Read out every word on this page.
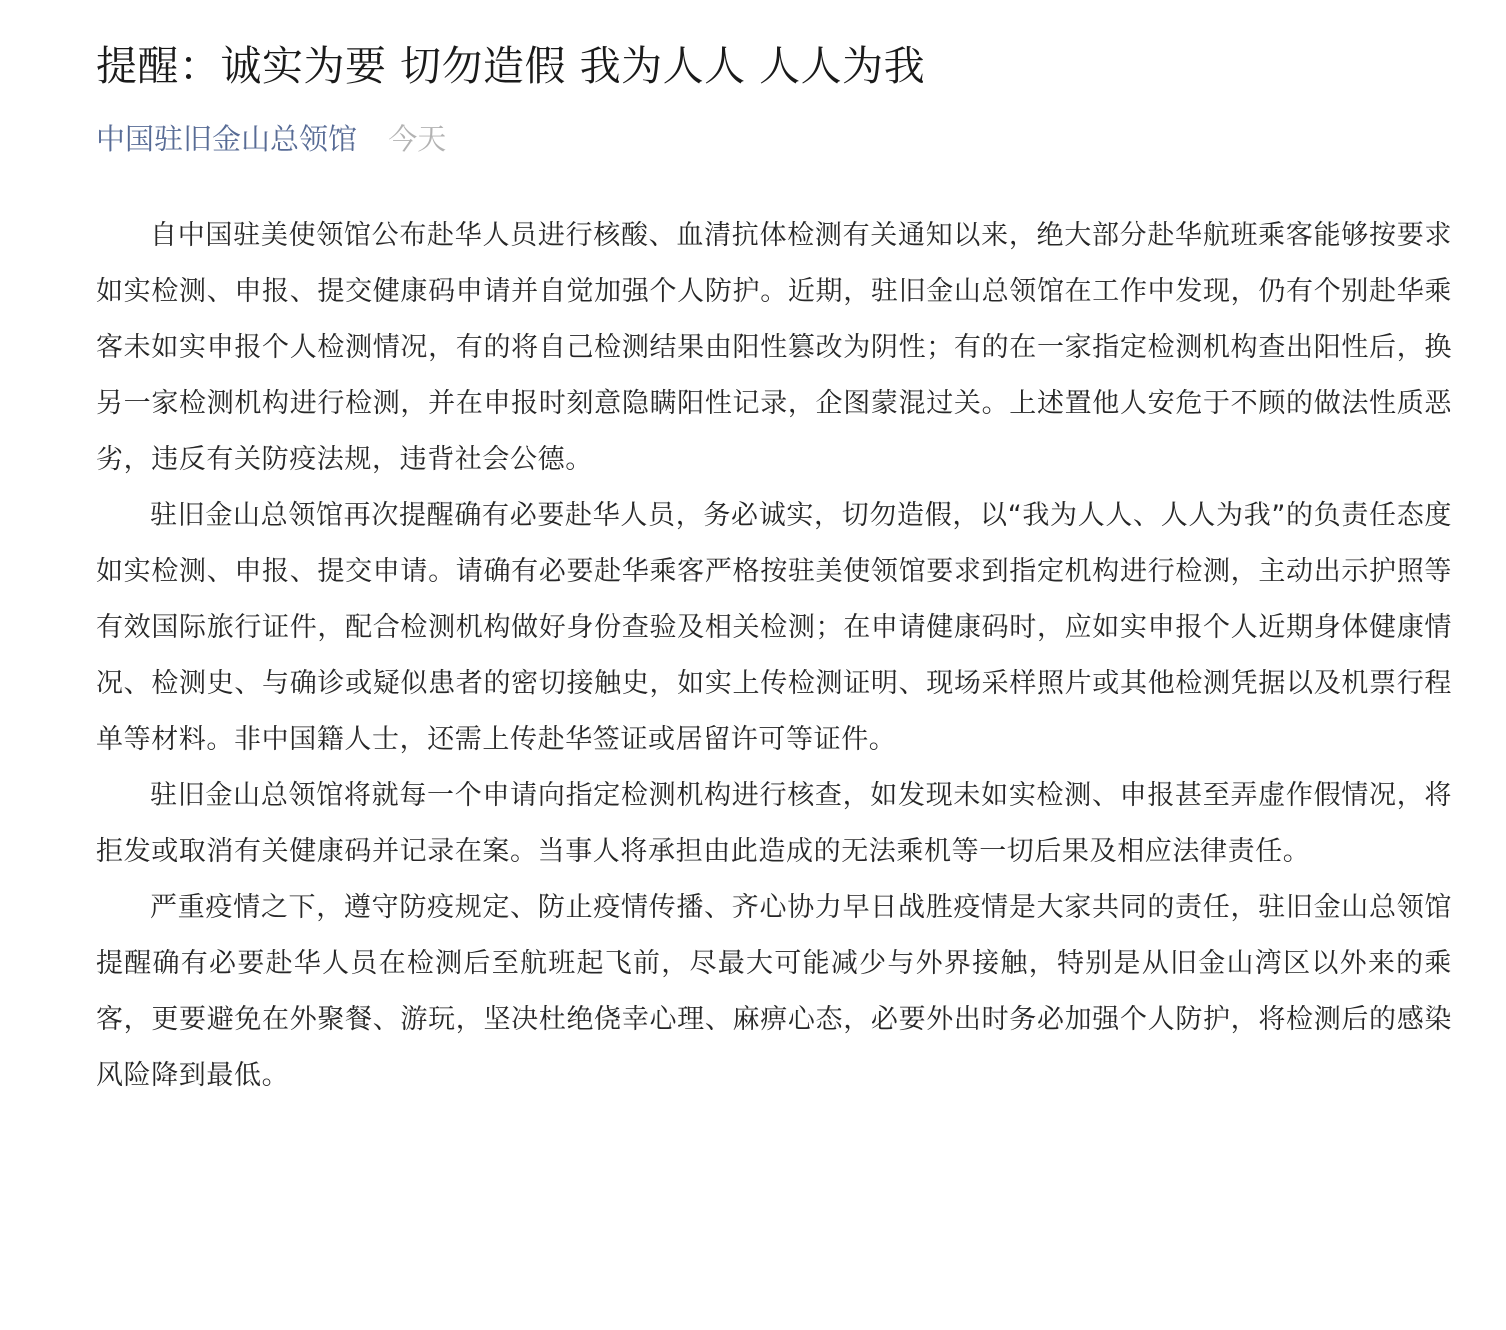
提醒：诚实为要 切勿造假 我为人人 人人为我
中国驻旧金山总领馆 今天

自中国驻美使领馆公布赴华人员进行核酸、血清抗体检测有关通知以来，绝大部分赴华航班乘客能够按要求如实检测、申报、提交健康码申请并自觉加强个人防护。近期，驻旧金山总领馆在工作中发现，仍有个别赴华乘客未如实申报个人检测情况，有的将自己检测结果由阳性篡改为阴性；有的在一家指定检测机构查出阳性后，换另一家检测机构进行检测，并在申报时刻意隐瞒阳性记录，企图蒙混过关。上述置他人安危于不顾的做法性质恶劣，违反有关防疫法规，违背社会公德。

驻旧金山总领馆再次提醒确有必要赴华人员，务必诚实，切勿造假，以“我为人人、人人为我”的负责任态度如实检测、申报、提交申请。请确有必要赴华乘客严格按驻美使领馆要求到指定机构进行检测，主动出示护照等有效国际旅行证件，配合检测机构做好身份查验及相关检测；在申请健康码时，应如实申报个人近期身体健康情况、检测史、与确诊或疑似患者的密切接触史，如实上传检测证明、现场采样照片或其他检测凭据以及机票行程单等材料。非中国籍人士，还需上传赴华签证或居留许可等证件。

驻旧金山总领馆将就每一个申请向指定检测机构进行核查，如发现未如实检测、申报甚至弄虚作假情况，将拒发或取消有关健康码并记录在案。当事人将承担由此造成的无法乘机等一切后果及相应法律责任。

严重疫情之下，遵守防疫规定、防止疫情传播、齐心协力早日战胜疫情是大家共同的责任，驻旧金山总领馆提醒确有必要赴华人员在检测后至航班起飞前，尽最大可能减少与外界接触，特别是从旧金山湾区以外来的乘客，更要避免在外聚餐、游玩，坚决杜绝侥幸心理、麻痹心态，必要外出时务必加强个人防护，将检测后的感染风险降到最低。
